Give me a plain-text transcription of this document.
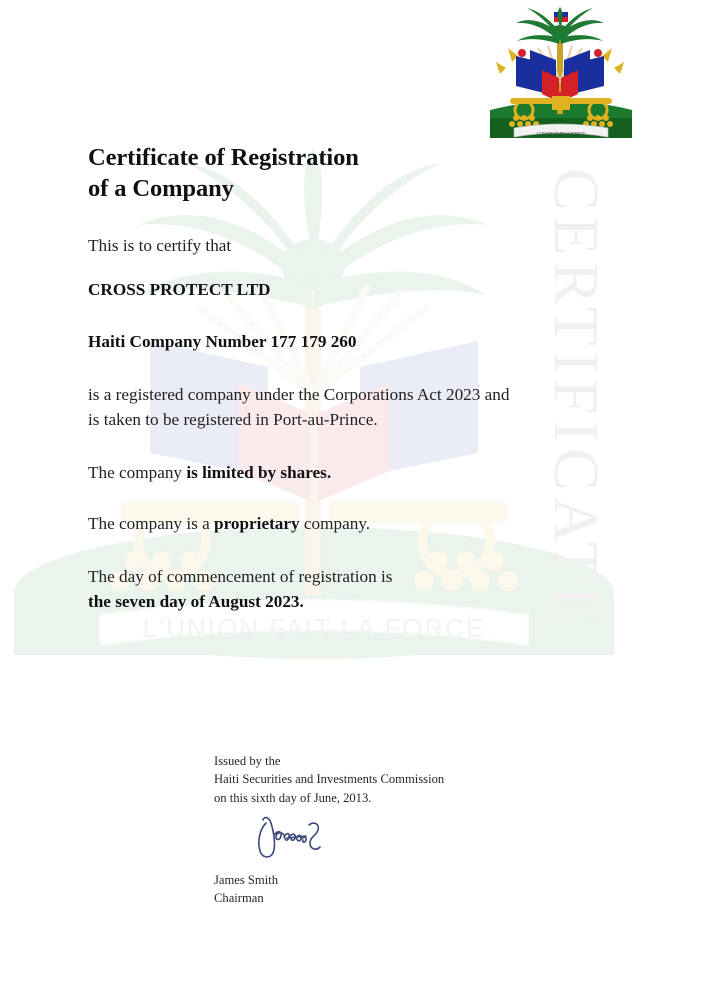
L'UNION FAIT LA FORCE CERTIFICATE
L'UNION FAIT LA FORCE
Certificate of Registration
of a Company

This is to certify that

CROSS PROTECT LTD

Haiti Company Number 177 179 260

is a registered company under the Corporations Act 2023 and
is taken to be registered in Port-au-Prince.

The company is limited by shares.

The company is a proprietary company.

The day of commencement of registration is
the seven day of August 2023.

Issued by the
Haiti Securities and Investments Commission
on this sixth day of June, 2013.
James Smith
Chairman
